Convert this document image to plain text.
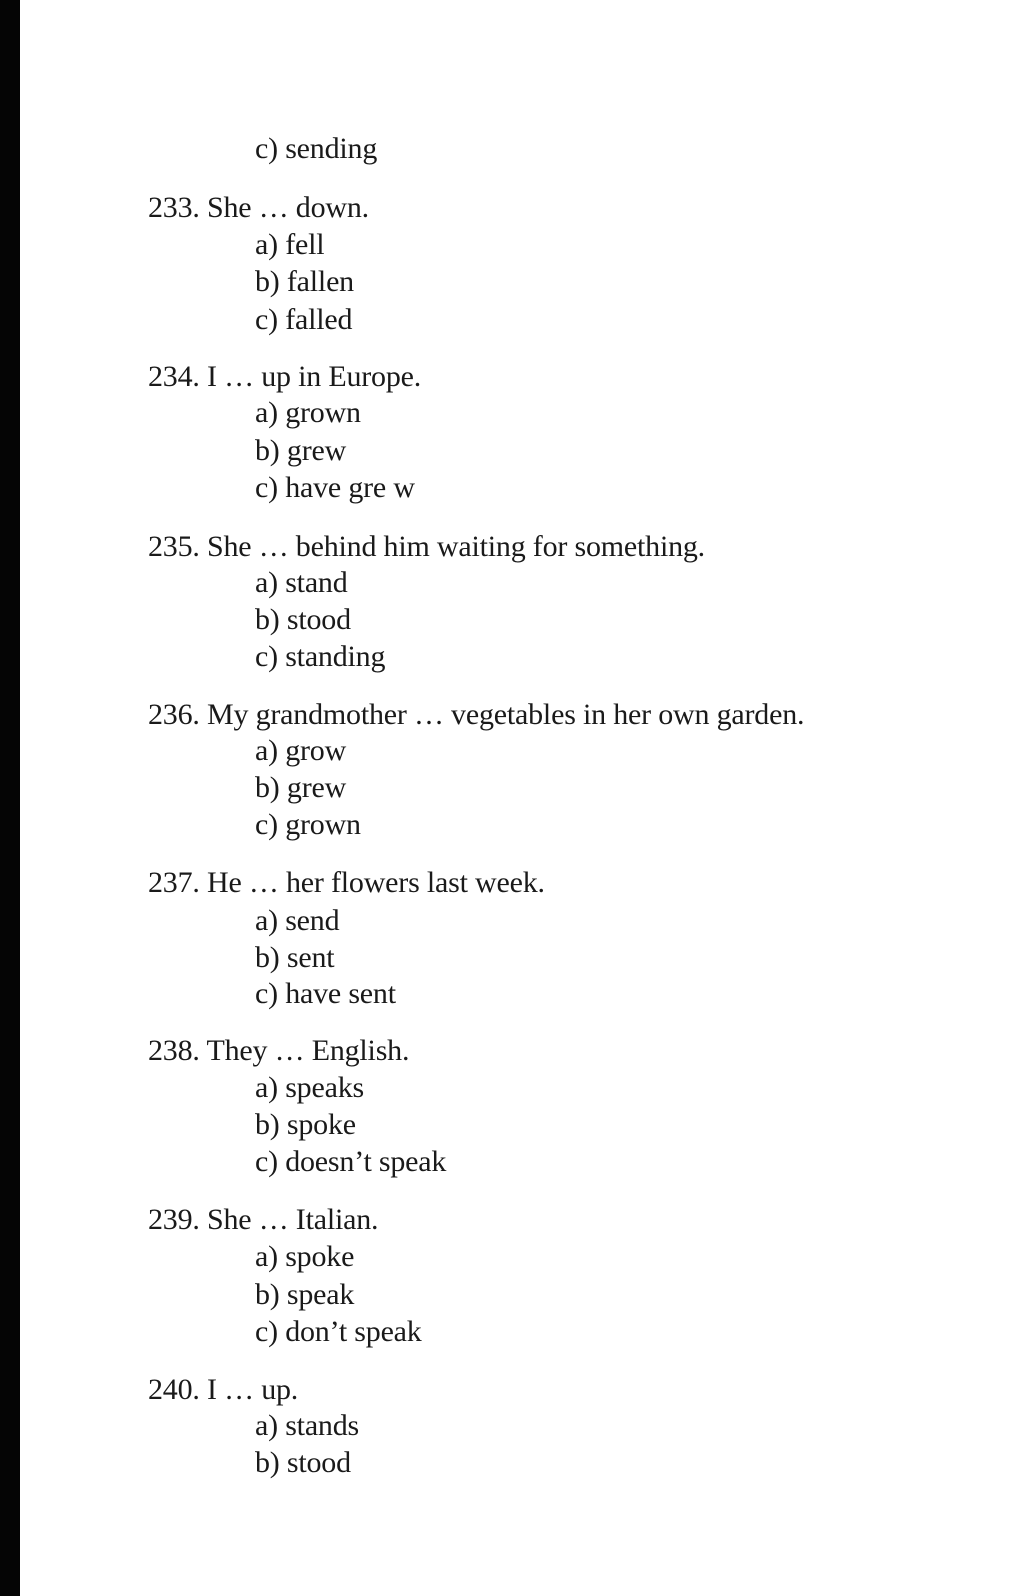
c) sending
233. She … down.
a) fell
b) fallen
c) falled
234. I … up in Europe.
a) grown
b) grew
c) have gre w
235. She … behind him waiting for something.
a) stand
b) stood
c) standing
236. My grandmother … vegetables in her own garden.
a) grow
b) grew
c) grown
237. He … her flowers last week.
a) send
b) sent
c) have sent
238. They … English.
a) speaks
b) spoke
c) doesn’t speak
239. She … Italian.
a) spoke
b) speak
c) don’t speak
240. I … up.
a) stands
b) stood
